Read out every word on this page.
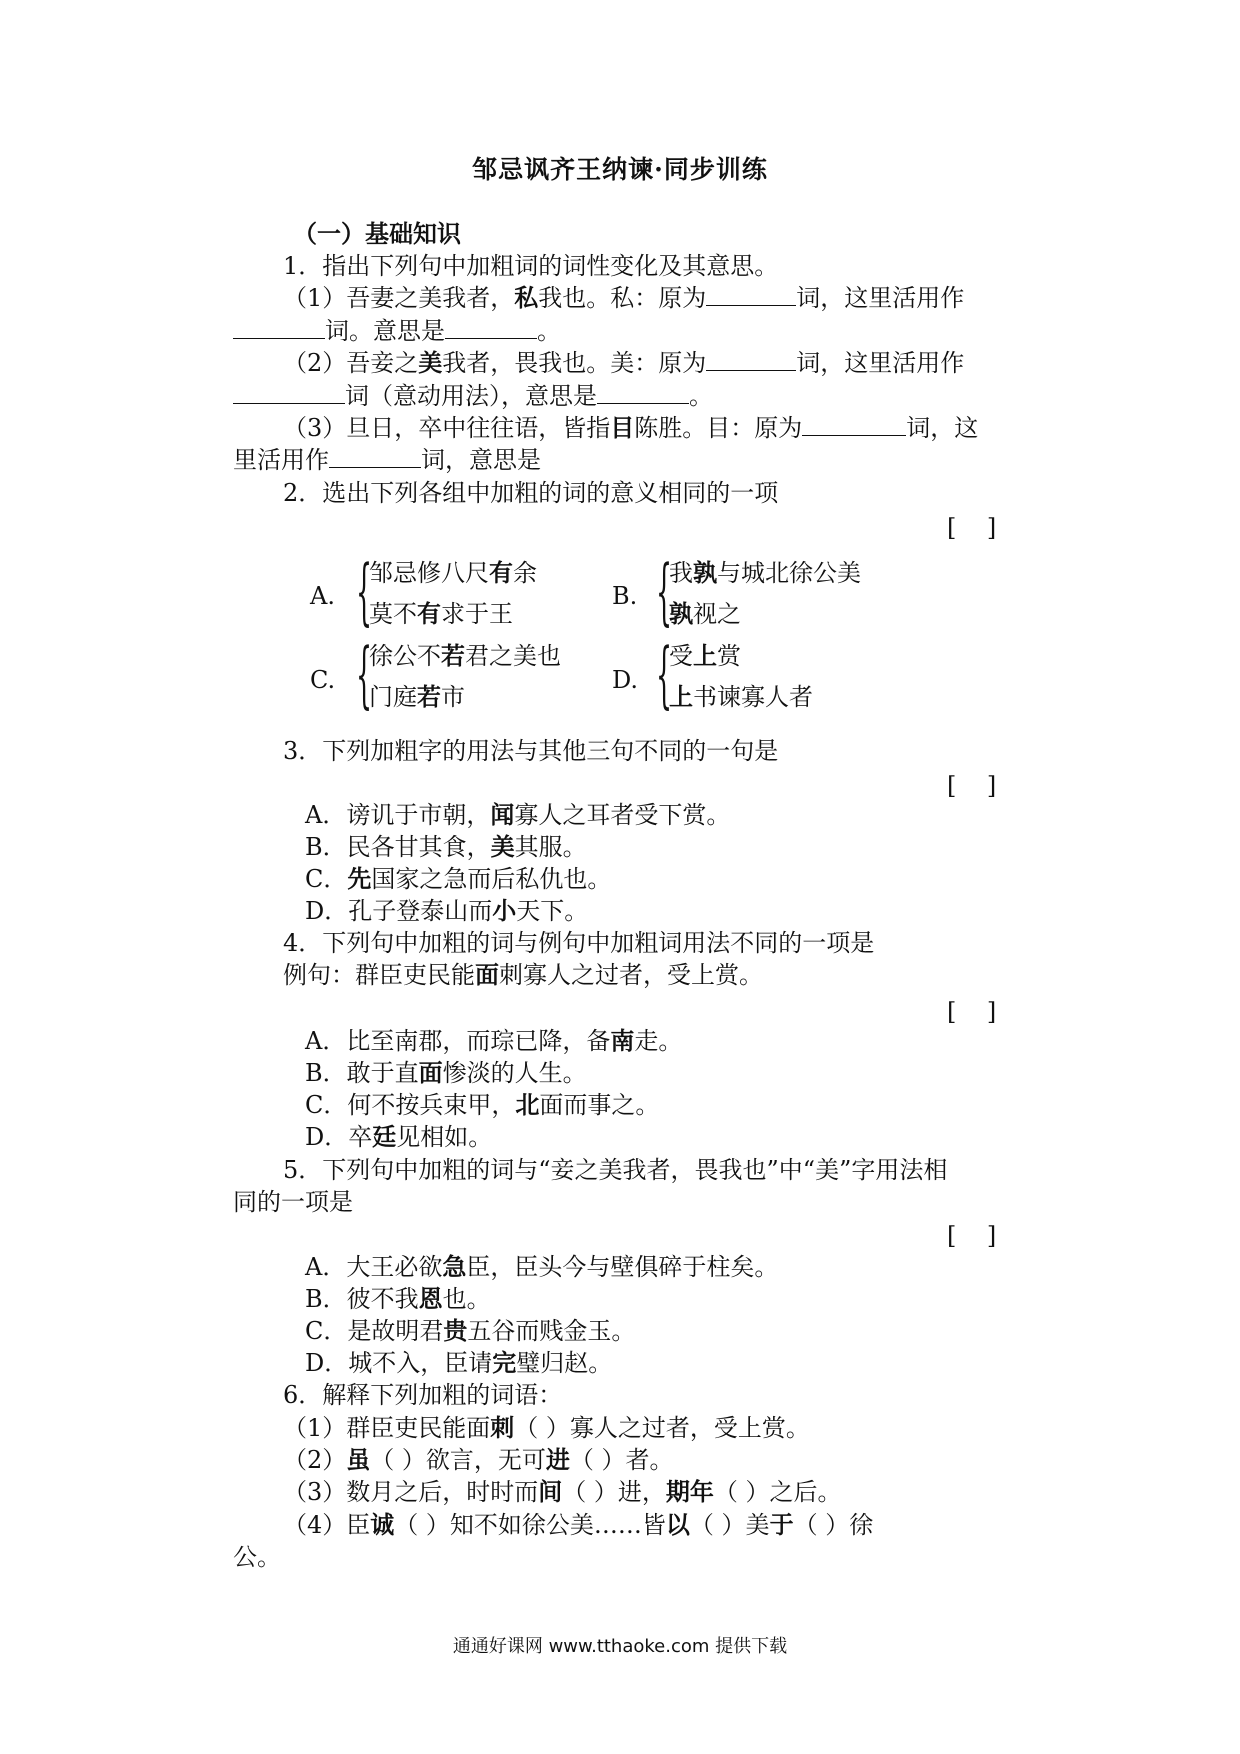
邹忌讽齐王纳谏·同步训练
（一）基础知识
1．指出下列句中加粗词的词性变化及其意思。
（1）吾妻之美我者，私我也。私：原为	词，这里活用作
词。意思是	。
（2）吾妾之美我者，畏我也。美：原为	词，这里活用作
词（意动用法），意思是	。
（3）旦日，卒中往往语，皆指目陈胜。目：原为	词，这
里活用作	词，意思是
2．选出下列各组中加粗的词的意义相同的一项
[    ]
A. {
邹忌修八尺有余
莫不有求于王
B. {
我孰与城北徐公美
孰视之
C. {
徐公不若君之美也
门庭若市
D. {
受上赏
上书谏寡人者
3．下列加粗字的用法与其他三句不同的一句是
[    ]
A．谤讥于市朝，闻寡人之耳者受下赏。
B．民各甘其食，美其服。
C．先国家之急而后私仇也。
D．孔子登泰山而小天下。
4．下列句中加粗的词与例句中加粗词用法不同的一项是
例句：群臣吏民能面刺寡人之过者，受上赏。
[    ]
A．比至南郡，而琮已降，备南走。
B．敢于直面惨淡的人生。
C．何不按兵束甲，北面而事之。
D．卒廷见相如。
5．下列句中加粗的词与“妾之美我者，畏我也”中“美”字用法相
同的一项是
[    ]
A．大王必欲急臣，臣头今与壁俱碎于柱矣。
B．彼不我恩也。
C．是故明君贵五谷而贱金玉。
D．城不入，臣请完璧归赵。
6．解释下列加粗的词语：
（1）群臣吏民能面刺（ ）寡人之过者，受上赏。
（2）虽（ ）欲言，无可进（ ）者。
（3）数月之后，时时而间（ ）进，期年（ ）之后。
（4）臣诚（ ）知不如徐公美……皆以（ ）美于（ ）徐
公。
通通好课网 www.tthaoke.com 提供下载
